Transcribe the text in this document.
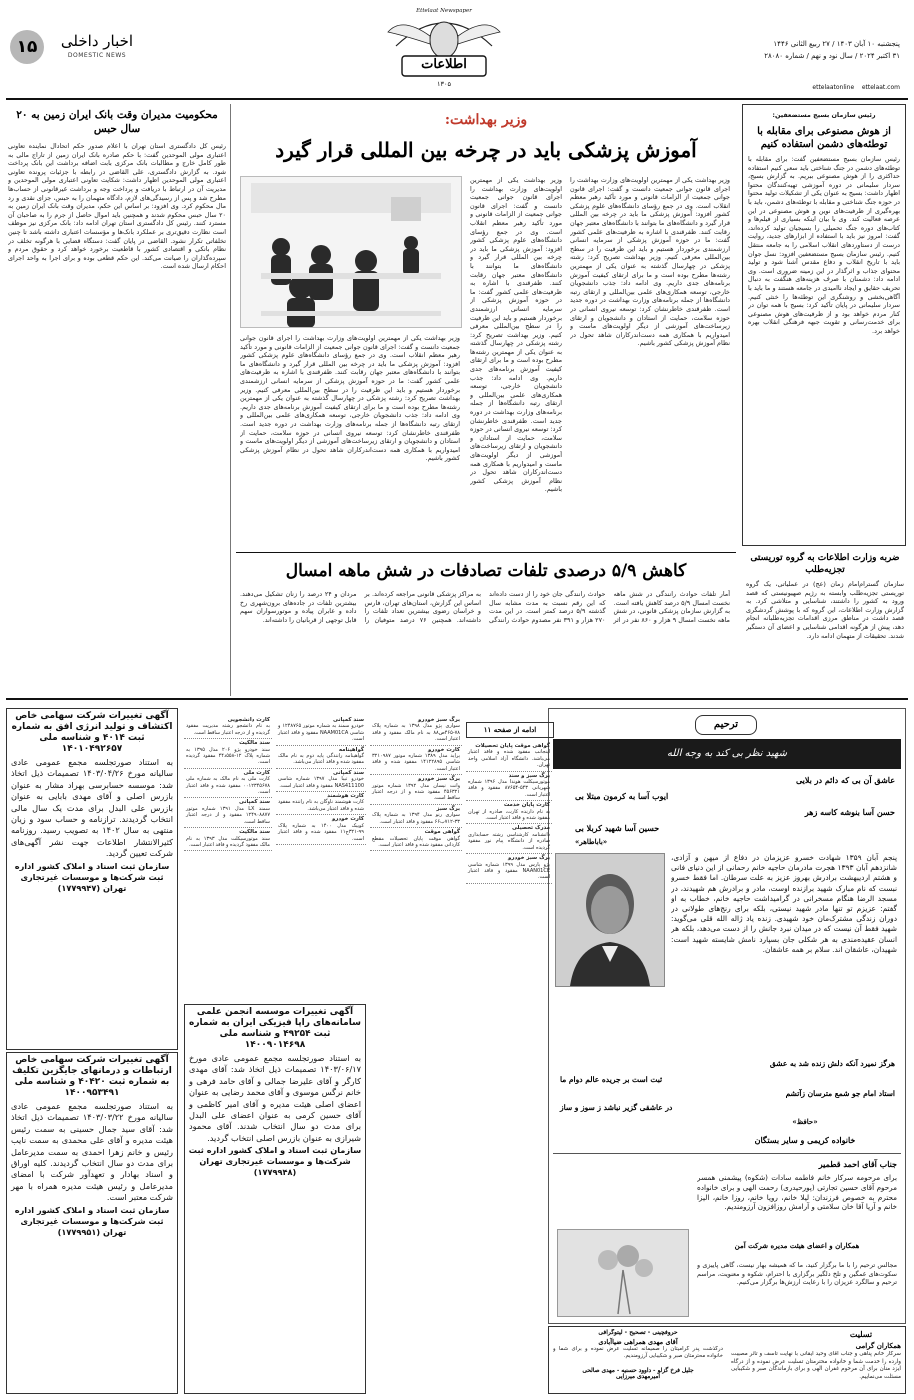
۱۵	اخبار داخلی
DOMESTIC NEWS
Ettelaat Newspaper
اطلاعات
۱۳۰۵
پنجشنبه ۱۰ آبان ۱۴۰۳ / ۲۷ ربیع الثانی ۱۴۴۶
۳۱ اکتبر ۲۰۲۴ / سال نود و نهم / شماره ۲۸۰۸۰
ettelaatonline ettelaat.com
رئیس سازمان بسیج مستضعفین:
از هوش مصنوعی برای مقابله با توطئه‌های دشمن استفاده کنیم
رئیس سازمان بسیج مستضعفین گفت: برای مقابله با توطئه‌های دشمن در جنگ شناختی باید سعی کنیم استفاده حداکثری را از هوش مصنوعی ببریم. به گزارش بسیج، سردار سلیمانی در دوره آموزشی تهیه‌کنندگان محتوا اظهار داشت: بسیج به عنوان یکی از تشکیلات تولید محتوا در حوزه جنگ شناختی و مقابله با توطئه‌های دشمن، باید با بهره‌گیری از ظرفیت‌های نوین و هوش مصنوعی در این عرصه فعالیت کند. وی با بیان اینکه بسیاری از فیلم‌ها و کتاب‌های دوره جنگ تحمیلی را بسیجیان تولید کرده‌اند، گفت: امروز نیز باید با استفاده از ابزارهای جدید، روایت درست از دستاوردهای انقلاب اسلامی را به جامعه منتقل کنیم. رئیس سازمان بسیج مستضعفین افزود: نسل جوان باید با تاریخ انقلاب و دفاع مقدس آشنا شود و تولید محتوای جذاب و اثرگذار در این زمینه ضروری است. وی ادامه داد: دشمنان با صرف هزینه‌های هنگفت به دنبال تحریف حقایق و ایجاد ناامیدی در جامعه هستند و ما باید با آگاهی‌بخشی و روشنگری این توطئه‌ها را خنثی کنیم. سردار سلیمانی در پایان تأکید کرد: بسیج با همه توان در کنار مردم خواهد بود و از ظرفیت‌های هوش مصنوعی برای خدمت‌رسانی و تقویت جبهه فرهنگی انقلاب بهره خواهد برد.
ضربه وزارت اطلاعات به گروه توریستی تجزیه‌طلب
سازمان گسترام‌امام زمان (عج) در عملیاتی، یک گروه توریستی تجزیه‌طلب وابسته به رژیم صهیونیستی که قصد ورود به کشور را داشتند، شناسایی و متلاشی کرد. به گزارش وزارت اطلاعات، این گروه که با پوشش گردشگری قصد داشت در مناطق مرزی اقدامات تجزیه‌طلبانه انجام دهد، پیش از هرگونه اقدامی شناسایی و اعضای آن دستگیر شدند. تحقیقات از متهمان ادامه دارد.
وزیر بهداشت:
آموزش پزشکی باید در چرخه بین المللی قرار گیرد
وزیر بهداشت یکی از مهمترین اولویت‌های وزارت بهداشت را اجرای قانون جوانی جمعیت دانست و گفت: اجرای قانون جوانی جمعیت از الزامات قانونی و مورد تأکید رهبر معظم انقلاب است. وی در جمع رؤسای دانشگاه‌های علوم پزشکی کشور افزود: آموزش پزشکی ما باید در چرخه بین المللی قرار گیرد و دانشگاه‌های ما بتوانند با دانشگاه‌های معتبر جهان رقابت کنند. ظفرقندی با اشاره به ظرفیت‌های علمی کشور گفت: ما در حوزه آموزش پزشکی از سرمایه انسانی ارزشمندی برخوردار هستیم و باید این ظرفیت را در سطح بین‌المللی معرفی کنیم. وزیر بهداشت تصریح کرد: رشته پزشکی در چهارسال گذشته به عنوان یکی از مهمترین رشته‌ها مطرح بوده است و ما برای ارتقای کیفیت آموزش برنامه‌های جدی داریم. وی ادامه داد: جذب دانشجویان خارجی، توسعه همکاری‌های علمی بین‌المللی و ارتقای رتبه دانشگاه‌ها از جمله برنامه‌های وزارت بهداشت در دوره جدید است. ظفرقندی خاطرنشان کرد: توسعه نیروی انسانی در حوزه سلامت، حمایت از استادان و دانشجویان و ارتقای زیرساخت‌های آموزشی از دیگر اولویت‌های ماست و امیدواریم با همکاری همه دست‌اندرکاران شاهد تحول در نظام آموزش پزشکی کشور باشیم.
وزیر بهداشت یکی از مهمترین اولویت‌های وزارت بهداشت را اجرای قانون جوانی جمعیت دانست و گفت: اجرای قانون جوانی جمعیت از الزامات قانونی و مورد تأکید رهبر معظم انقلاب است. وی در جمع رؤسای دانشگاه‌های علوم پزشکی کشور افزود: آموزش پزشکی ما باید در چرخه بین المللی قرار گیرد و دانشگاه‌های ما بتوانند با دانشگاه‌های معتبر جهان رقابت کنند. ظفرقندی با اشاره به ظرفیت‌های علمی کشور گفت: ما در حوزه آموزش پزشکی از سرمایه انسانی ارزشمندی برخوردار هستیم و باید این ظرفیت را در سطح بین‌المللی معرفی کنیم. وزیر بهداشت تصریح کرد: رشته پزشکی در چهارسال گذشته به عنوان یکی از مهمترین رشته‌ها مطرح بوده است و ما برای ارتقای کیفیت آموزش برنامه‌های جدی داریم. وی ادامه داد: جذب دانشجویان خارجی، توسعه همکاری‌های علمی بین‌المللی و ارتقای رتبه دانشگاه‌ها از جمله برنامه‌های وزارت بهداشت در دوره جدید است. ظفرقندی خاطرنشان کرد: توسعه نیروی انسانی در حوزه سلامت، حمایت از استادان و دانشجویان و ارتقای زیرساخت‌های آموزشی از دیگر اولویت‌های ماست و امیدواریم با همکاری همه دست‌اندرکاران شاهد تحول در نظام آموزش پزشکی کشور باشیم.
وزیر بهداشت یکی از مهمترین اولویت‌های وزارت بهداشت را اجرای قانون جوانی جمعیت دانست و گفت: اجرای قانون جوانی جمعیت از الزامات قانونی و مورد تأکید رهبر معظم انقلاب است. وی در جمع رؤسای دانشگاه‌های علوم پزشکی کشور افزود: آموزش پزشکی ما باید در چرخه بین المللی قرار گیرد و دانشگاه‌های ما بتوانند با دانشگاه‌های معتبر جهان رقابت کنند. ظفرقندی با اشاره به ظرفیت‌های علمی کشور گفت: ما در حوزه آموزش پزشکی از سرمایه انسانی ارزشمندی برخوردار هستیم و باید این ظرفیت را در سطح بین‌المللی معرفی کنیم. وزیر بهداشت تصریح کرد: رشته پزشکی در چهارسال گذشته به عنوان یکی از مهمترین رشته‌ها مطرح بوده است و ما برای ارتقای کیفیت آموزش برنامه‌های جدی داریم. وی ادامه داد: جذب دانشجویان خارجی، توسعه همکاری‌های علمی بین‌المللی و ارتقای رتبه دانشگاه‌ها از جمله برنامه‌های وزارت بهداشت در دوره جدید است. ظفرقندی خاطرنشان کرد: توسعه نیروی انسانی در حوزه سلامت، حمایت از استادان و دانشجویان و ارتقای زیرساخت‌های آموزشی از دیگر اولویت‌های ماست و امیدواریم با همکاری همه دست‌اندرکاران شاهد تحول در نظام آموزش پزشکی کشور باشیم.
کاهش ۵/۹ درصدی تلفات تصادفات در شش ماهه امسال
آمار تلفات حوادث رانندگی در شش ماهه نخست امسال ۵/۹ درصد کاهش یافته است. به گزارش سازمان پزشکی قانونی، در شش ماهه نخست امسال ۹ هزار و ۸۶۰ نفر در اثر حوادث رانندگی جان خود را از دست داده‌اند که این رقم نسبت به مدت مشابه سال گذشته ۵/۹ درصد کمتر است. در این مدت ۲۷۰ هزار و ۳۹۱ نفر مصدوم حوادث رانندگی به مراکز پزشکی قانونی مراجعه کرده‌اند. بر اساس این گزارش، استان‌های تهران، فارس و خراسان رضوی بیشترین تعداد تلفات را داشته‌اند. همچنین ۷۶ درصد متوفیان را مردان و ۲۴ درصد را زنان تشکیل می‌دهند. بیشترین تلفات در جاده‌های برون‌شهری رخ داده و عابران پیاده و موتورسواران سهم قابل توجهی از قربانیان را داشته‌اند.
محکومیت مدیران وقت بانک ایران زمین به ۲۰ سال حبس
رئیس کل دادگستری استان تهران با اعلام صدور حکم اتحادال نماینده تعاونی اعتباری مولی الموحدین گفت: با حکم صادره بانک ایران زمین از تاراج مالی به طور کامل خارج و مطالبات بانک مرکزی بابت اضافه برداشت این بانک پرداخت شود. به گزارش دادگستری، علی القاضی در رابطه با جزئیات پرونده تعاونی اعتباری مولی الموحدین اظهار داشت: شکایت تعاونی اعتباری مولی الموحدین و مدیریت آن در ارتباط با دریافت و پرداخت وجه و برداشت غیرقانونی از حساب‌ها مطرح شد و پس از رسیدگی‌های لازم، دادگاه متهمان را به حبس، جزای نقدی و رد مال محکوم کرد. وی افزود: بر اساس این حکم، مدیران وقت بانک ایران زمین به ۲۰ سال حبس محکوم شدند و همچنین باید اموال حاصل از جرم را به صاحبان آن مسترد کنند. رئیس کل دادگستری استان تهران ادامه داد: بانک مرکزی نیز موظف است نظارت دقیق‌تری بر عملکرد بانک‌ها و مؤسسات اعتباری داشته باشد تا چنین تخلفاتی تکرار نشود. القاضی در پایان گفت: دستگاه قضایی با هرگونه تخلف در نظام بانکی و اقتصادی کشور با قاطعیت برخورد خواهد کرد و حقوق مردم و سپرده‌گذاران را صیانت می‌کند. این حکم قطعی بوده و برای اجرا به واحد اجرای احکام ارسال شده است.
ترحیم
شهید نظر بی کند به وجه الله
عاشق آن بی که دائم در بلایی
ایوب آسا به کرمون مبتلا بی
حسن آسا بنوشه کاسه زهر
حسین آسا شهید کربلا بی
«باباطاهر»
پنجم آبان ۱۳۵۹ شهادت خسرو عزیزمان در دفاع از میهن و آزادی، شانزدهم آبان ۱۳۹۳ هجرت مادرمان حاجیه خانم رحمانی از این دنیای فانی و هشتم اردیبهشت برادرش بهروز عزیز به علت سرطان. اما فقط خسرو نبست که نام مبارک شهید برازنده اوست، مادر و برادرش هم شهیدند، در مسجد الرضا هنگام مسخرانی در گرامیداشت حاجیه خانم، خطاب به او گفتم: عزیزم تو تنها مادر شهید نیستی، بلکه برای رنج‌های طولانی در دوران زندگی مشترک‌مان خود شهیدی. زنده یاد ژاله الله قلی می‌گوید: شهید فقط آن نیست که در میدان نبرد جانش را از دست می‌دهد، بلکه هر انسان عقیده‌مندی به هر شکلی جان بسپارد نامش شایسته شهید است: شهیدان، عاشقان اند. سلام بر همه عاشقان.
هرگز نمیرد آنکه دلش زنده شد به عشق
ثبت است بر جریده عالم دوام ما
استاد امام جو شمع مترسان زآتشم
در عاشقی گزیر نباشد ز سوز و ساز
«حافظ»
خانواده کریمی و سایر بستگان
جناب آقای احمد قطمیر
برای مرحومه سرکار خانم فاطمه سادات (شکوه) پیشمنی همسر مرحوم آقای حسین تجارتی (پورحیدری) رحمت الهی و برای خانواده محترم به خصوص فرزندان: لیلا خانم، رویا خانم، روزا خانم، الیزا خانم و آریا آقا خان سلامتی و آرامش روزافزون آرزومندیم.
همکاران و اعضای هیئت مدیره شرکت آمن
مجالس ترحیم را با ما برگزار کنید، ما که همیشه بهار نیست، گاهی پاییزی و سکوت‌های غمگین و تلخ دلگیر برگزاری با احترام، شکوه و معنویت، مراسم ترحیم و سالگرد عزیزان را با رعایت ارزش‌ها برگزار می‌کنیم.
ادامه از صفحه ۱۱
گواهی موقت پایان تحصیلات
اینجانب مفقود شده و فاقد اعتبار می‌باشد. دانشگاه آزاد اسلامی واحد تهران.
برگ سبز و سند
موتورسیکلت هوندا مدل ۱۳۹۶ شماره شهربانی ۵۴۳-۸۷۶۵۴ مفقود و فاقد اعتبار است.
کارت پایان خدمت
به نام دارنده کارت، صادره از تهران مفقود شده و فاقد اعتبار است.
مدرک تحصیلی
دانشنامه کارشناسی رشته حسابداری صادره از دانشگاه پیام نور مفقود گردیده است.
برگ سبز خودرو
پژو پارس مدل ۱۳۹۹ شماره شاسی NAAN01CE مفقود و فاقد اعتبار است.
برگ سبز خودرو
سواری پژو مدل ۱۳۹۸ به شماره پلاک ۷۸-۴۶۵ص۸۸ به نام مالک مفقود و فاقد اعتبار است.
کارت خودرو
پراید مدل ۱۳۸۹ شماره موتور ۳۲۱۰۹۸۷ شاسی ۱۴۱۲۲۸۹۵ مفقود شده و فاقد اعتبار است.
برگ سبز خودرو
وانت نیسان مدل ۱۳۹۲ شماره موتور ۴۵۶۳۲۱ مفقود شده و از درجه اعتبار ساقط است.
برگ سبز
سواری رنو مدل ۱۳۹۴ به شماره پلاک ۳۳-۷۱۲ب۶۶ مفقود و فاقد اعتبار است.
گواهی موقت
گواهی موقت پایان تحصیلات مقطع کاردانی مفقود شده و فاقد اعتبار است.
سند کمپانی
خودرو سمند به شماره موتور ۱۲۴۸۷۶۵ و شاسی NAAM01CA مفقود و فاقد اعتبار است.
گواهینامه
گواهینامه رانندگی پایه دوم به نام مالک مفقود شده و فاقد اعتبار می‌باشد.
سند کمپانی
خودرو تیبا مدل ۱۳۹۷ شماره شاسی NAS411100 مفقود و فاقد اعتبار است.
کارت هوشمند
کارت هوشمند ناوگان به نام راننده مفقود شده و فاقد اعتبار می‌باشد.
کارت خودرو
کوییک مدل ۱۴۰۰ به شماره پلاک ۹۹-۳۲۱ج۱۱ مفقود شده و فاقد اعتبار است.
کارت دانشجویی
به نام دانشجو رشته مدیریت مفقود گردیده و از درجه اعتبار ساقط است.
سند مالکیت
سند خودرو پژو ۲۰۶ مدل ۱۳۹۵ به شماره پلاک ۱۲-۵۵۸د۴۴ مفقود گردیده است.
کارت ملی
کارت ملی به نام مالک به شماره ملی ۰۰۱۲۳۴۵۶۷۸ مفقود شده و فاقد اعتبار است.
سند کمپانی
سمند LX مدل ۱۳۹۱ شماره موتور ۱۲۴۹۰۸۸۷۷ مفقود و از درجه اعتبار ساقط است.
سند مالکیت
سند موتورسیکلت مدل ۱۳۹۳ به نام مالک مفقود گردیده و فاقد اعتبار است.
آگهی تغییرات شرکت سهامی خاص اکتشاف و تولید انرژی افق به شماره ثبت ۴۰۱۴ و شناسه ملی ۱۴۰۱۰۴۹۲۶۵۷
به استناد صورتجلسه مجمع عمومی عادی سالیانه مورخ ۱۴۰۳/۰۴/۲۶ تصمیمات ذیل اتخاذ شد: موسسه حسابرسی بهراد مشار به عنوان بازرس اصلی و آقای مهدی بابایی به عنوان بازرس علی البدل برای مدت یک سال مالی انتخاب گردیدند. ترازنامه و حساب سود و زیان منتهی به سال ۱۴۰۲ به تصویب رسید. روزنامه کثیرالانتشار اطلاعات جهت نشر آگهی‌های شرکت تعیین گردید.
سازمان ثبت اسناد و املاک کشور اداره ثبت شرکت‌ها و موسسات غیرتجاری تهران (۱۷۷۹۹۴۷)
آگهی تغییرات شرکت سهامی خاص ارتباطات و درمانهای جایگزین تکلیف به شماره ثبت ۴۰۴۲۰ و شناسه ملی ۱۴۰۰۹۵۳۴۹۱
به استناد صورتجلسه مجمع عمومی عادی سالیانه مورخ ۱۴۰۳/۰۳/۲۲ تصمیمات ذیل اتخاذ شد: آقای سید جمال حسینی به سمت رئیس هیئت مدیره و آقای علی محمدی به سمت نایب رئیس و خانم زهرا احمدی به سمت مدیرعامل برای مدت دو سال انتخاب گردیدند. کلیه اوراق و اسناد بهادار و تعهدآور شرکت با امضای مدیرعامل و رئیس هیئت مدیره همراه با مهر شرکت معتبر است.
سازمان ثبت اسناد و املاک کشور اداره ثبت شرکت‌ها و موسسات غیرتجاری تهران (۱۷۷۹۹۵۱)
آگهی تغییرات موسسه انجمن علمی سامانه‌های راپا فیزیکی ایران به شماره ثبت ۴۹۲۵۴ و شناسه ملی ۱۴۰۰۹۰۱۴۶۹۸
به استناد صورتجلسه مجمع عمومی عادی مورخ ۱۴۰۳/۰۶/۱۷ تصمیمات ذیل اتخاذ شد: آقای مهدی کارگر و آقای علیرضا جمالی و آقای حامد فرهی و خانم نرگس موسوی و آقای محمد رضایی به عنوان اعضای اصلی هیئت مدیره و آقای امیر کاظمی و آقای حسین کرمی به عنوان اعضای علی البدل برای مدت دو سال انتخاب شدند. آقای محمود شیرازی به عنوان بازرس اصلی انتخاب گردید.
سازمان ثبت اسناد و املاک کشور اداره ثبت شرکت‌ها و موسسات غیرتجاری تهران (۱۷۷۹۹۴۸)
تسلیت
همکاران گرامی
سرکار خانم پناهی و جناب آقای وحید ایقانی با نهایت تأسف و تأثر مصیبت وارده را خدمت شما و خانواده محترمتان تسلیت عرض نموده و از درگاه ایزد منان برای آن مرحوم غفران الهی و برای بازماندگان صبر و شکیبایی مسئلت می‌نماییم.
حروفچینی - تصحیح - لیتوگرافی
آقای مهدی همراهی ضیاآبادی
درگذشت پدر گرامیتان را صمیمانه تسلیت عرض نموده و برای شما و خانواده محترمتان صبر و شکیبایی آرزومندیم.
جلیل فرخ گزلو - داوود حسنیه - مهدی صالحی
امیرمهدی میرزایی
